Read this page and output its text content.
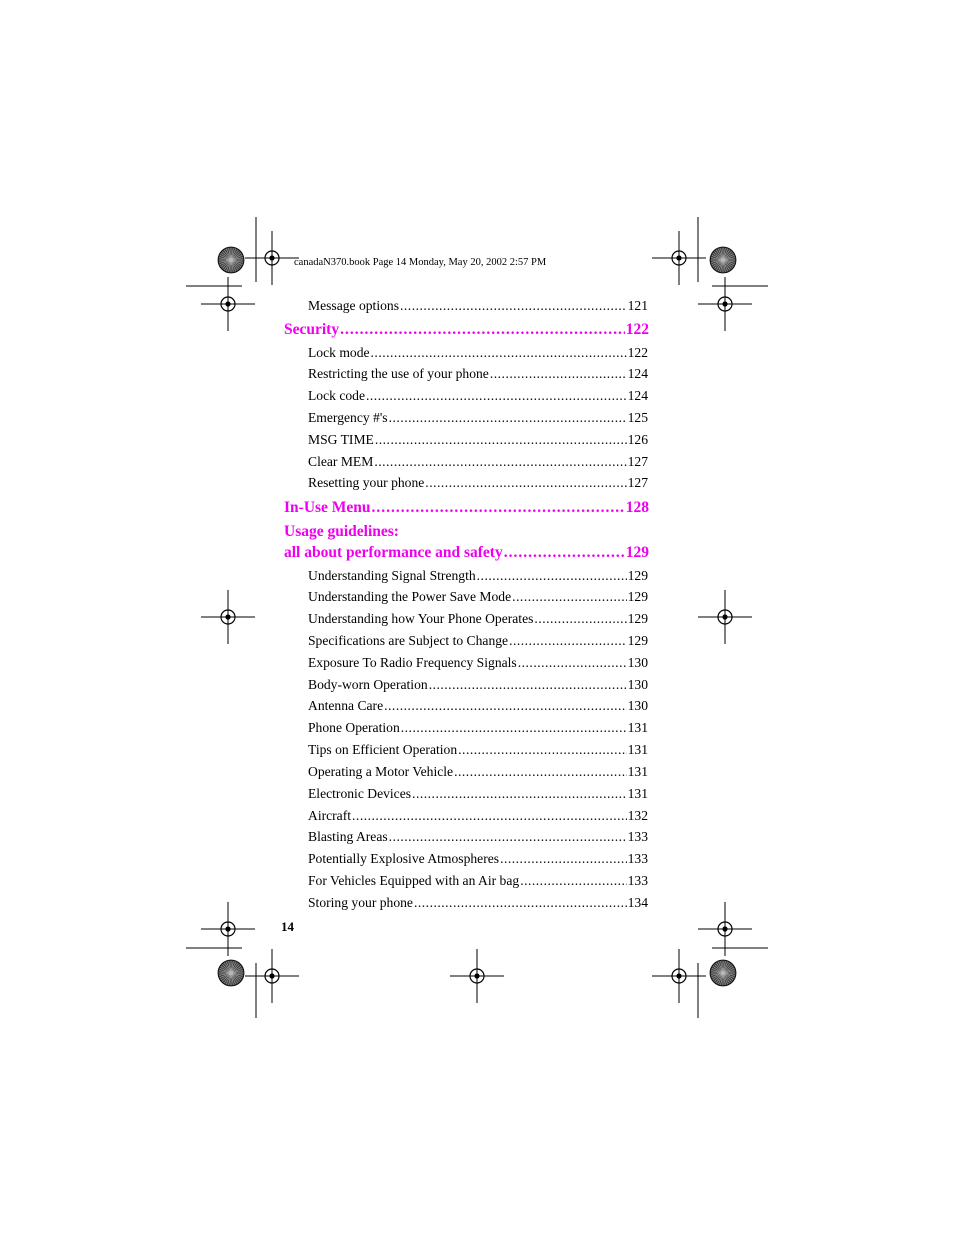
canadaN370.book Page 14 Monday, May 20, 2002 2:57 PM
Message options .....	121
Security .....	122
Lock mode .....	122
Restricting the use of your phone .....	124
Lock code .....	124
Emergency #'s .....	125
MSG TIME .....	126
Clear MEM .....	127
Resetting your phone .....	127
In-Use Menu .....	128
Usage guidelines:
all about performance and safety .....	129
Understanding Signal Strength .....	129
Understanding the Power Save Mode .....	129
Understanding how Your Phone Operates .....	129
Specifications are Subject to Change .....	129
Exposure To Radio Frequency Signals .....	130
Body-worn Operation .....	130
Antenna Care .....	130
Phone Operation .....	131
Tips on Efficient Operation .....	131
Operating a Motor Vehicle .....	131
Electronic Devices .....	131
Aircraft .....	132
Blasting Areas .....	133
Potentially Explosive Atmospheres .....	133
For Vehicles Equipped with an Air bag .....	133
Storing your phone .....	134
14
